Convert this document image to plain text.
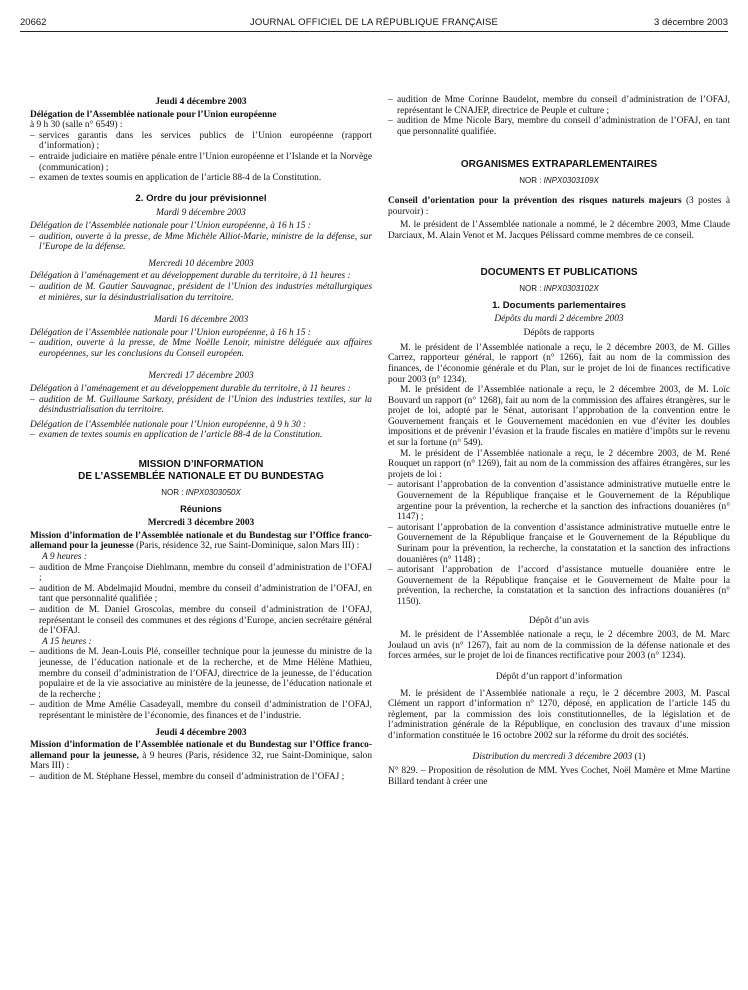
20662	JOURNAL OFFICIEL DE LA RÉPUBLIQUE FRANÇAISE	3 décembre 2003

Jeudi 4 décembre 2003

Délégation de l’Assemblée nationale pour l’Union européenne
à 9 h 30 (salle n° 6549) :

– services garantis dans les services publics de l’Union européenne (rapport d’information) ;
– entraide judiciaire en matière pénale entre l’Union européenne et l’Islande et la Norvège (communication) ;
– examen de textes soumis en application de l’article 88-4 de la Constitution.

2. Ordre du jour prévisionnel

Mardi 9 décembre 2003

Délégation de l’Assemblée nationale pour l’Union européenne, à 16 h 15 :

– audition, ouverte à la presse, de Mme Michèle Alliot-Marie, ministre de la défense, sur l’Europe de la défense.

Mercredi 10 décembre 2003

Délégation à l’aménagement et au développement durable du territoire, à 11 heures :

– audition de M. Gautier Sauvagnac, président de l’Union des industries métallurgiques et minières, sur la désindustrialisation du territoire.

Mardi 16 décembre 2003

Délégation de l’Assemblée nationale pour l’Union européenne, à 16 h 15 :

– audition, ouverte à la presse, de Mme Noëlle Lenoir, ministre déléguée aux affaires européennes, sur les conclusions du Conseil européen.

Mercredi 17 décembre 2003

Délégation à l’aménagement et au développement durable du territoire, à 11 heures :

– audition de M. Guillaume Sarkozy, président de l’Union des industries textiles, sur la désindustrialisation du territoire.

Délégation de l’Assemblée nationale pour l’Union européenne, à 9 h 30 :

– examen de textes soumis en application de l’article 88-4 de la Constitution.

MISSION D’INFORMATION

DE L’ASSEMBLÉE NATIONALE ET DU BUNDESTAG

NOR : INPX0303050X

Réunions

Mercredi 3 décembre 2003

Mission d’information de l’Assemblée nationale et du Bundestag sur l’Office franco-allemand pour la jeunesse (Paris, résidence 32, rue Saint-Dominique, salon Mars III) :

A 9 heures :

– audition de Mme Françoise Diehlmann, membre du conseil d’administration de l’OFAJ ;
– audition de M. Abdelmajid Moudni, membre du conseil d’administration de l’OFAJ, en tant que personnalité qualifiée ;
– audition de M. Daniel Groscolas, membre du conseil d’administration de l’OFAJ, représentant le conseil des communes et des régions d’Europe, ancien secrétaire général de l’OFAJ.

A 15 heures :

– auditions de M. Jean-Louis Plé, conseiller technique pour la jeunesse du ministre de la jeunesse, de l’éducation nationale et de la recherche, et de Mme Hélène Mathieu, membre du conseil d’administration de l’OFAJ, directrice de la jeunesse, de l’éducation populaire et de la vie associative au ministère de la jeunesse, de l’éducation nationale et de la recherche ;
– audition de Mme Amélie Casadeyall, membre du conseil d’administration de l’OFAJ, représentant le ministère de l’économie, des finances et de l’industrie.

Jeudi 4 décembre 2003

Mission d’information de l’Assemblée nationale et du Bundestag sur l’Office franco-allemand pour la jeunesse, à 9 heures (Paris, résidence 32, rue Saint-Dominique, salon Mars III) :

– audition de M. Stéphane Hessel, membre du conseil d’administration de l’OFAJ ;
– audition de Mme Corinne Baudelot, membre du conseil d’administration de l’OFAJ, représentant le CNAJEP, directrice de Peuple et culture ;
– audition de Mme Nicole Bary, membre du conseil d’administration de l’OFAJ, en tant que personnalité qualifiée.

ORGANISMES EXTRAPARLEMENTAIRES

NOR : INPX0303109X

Conseil d’orientation pour la prévention des risques naturels majeurs (3 postes à pourvoir) :

M. le président de l’Assemblée nationale a nommé, le 2 décembre 2003, Mme Claude Darciaux, M. Alain Venot et M. Jacques Pélissard comme membres de ce conseil.

DOCUMENTS ET PUBLICATIONS

NOR : INPX0303102X

1. Documents parlementaires

Dépôts du mardi 2 décembre 2003

Dépôts de rapports

M. le président de l’Assemblée nationale a reçu, le 2 décembre 2003, de M. Gilles Carrez, rapporteur général, le rapport (n° 1266), fait au nom de la commission des finances, de l’économie générale et du Plan, sur le projet de loi de finances rectificative pour 2003 (n° 1234).

M. le président de l’Assemblée nationale a reçu, le 2 décembre 2003, de M. Loïc Bouvard un rapport (n° 1268), fait au nom de la commission des affaires étrangères, sur le projet de loi, adopté par le Sénat, autorisant l’approbation de la convention entre le Gouvernement français et le Gouvernement macédonien en vue d’éviter les doubles impositions et de prévenir l’évasion et la fraude fiscales en matière d’impôts sur le revenu et sur la fortune (n° 549).

M. le président de l’Assemblée nationale a reçu, le 2 décembre 2003, de M. René Rouquet un rapport (n° 1269), fait au nom de la commission des affaires étrangères, sur les projets de loi :

– autorisant l’approbation de la convention d’assistance administrative mutuelle entre le Gouvernement de la République française et le Gouvernement de la République argentine pour la prévention, la recherche et la sanction des infractions douanières (n° 1147) ;
– autorisant l’approbation de la convention d’assistance administrative mutuelle entre le Gouvernement de la République française et le Gouvernement de la République du Surinam pour la prévention, la recherche, la constatation et la sanction des infractions douanières (n° 1148) ;
– autorisant l’approbation de l’accord d’assistance mutuelle douanière entre le Gouvernement de la République française et le Gouvernement de Malte pour la prévention, la recherche, la constatation et la sanction des infractions douanières (n° 1150).

Dépôt d’un avis

M. le président de l’Assemblée nationale a reçu, le 2 décembre 2003, de M. Marc Joulaud un avis (n° 1267), fait au nom de la commission de la défense nationale et des forces armées, sur le projet de loi de finances rectificative pour 2003 (n° 1234).

Dépôt d’un rapport d’information

M. le président de l’Assemblée nationale a reçu, le 2 décembre 2003, M. Pascal Clément un rapport d’information n° 1270, déposé, en application de l’article 145 du règlement, par la commission des lois constitutionnelles, de la législation et de l’administration générale de la République, en conclusion des travaux d’une mission d’information constituée le 16 octobre 2002 sur la réforme du droit des sociétés.

Distribution du mercredi 3 décembre 2003 (1)

N° 829. – Proposition de résolution de MM. Yves Cochet, Noël Mamère et Mme Martine Billard tendant à créer une
